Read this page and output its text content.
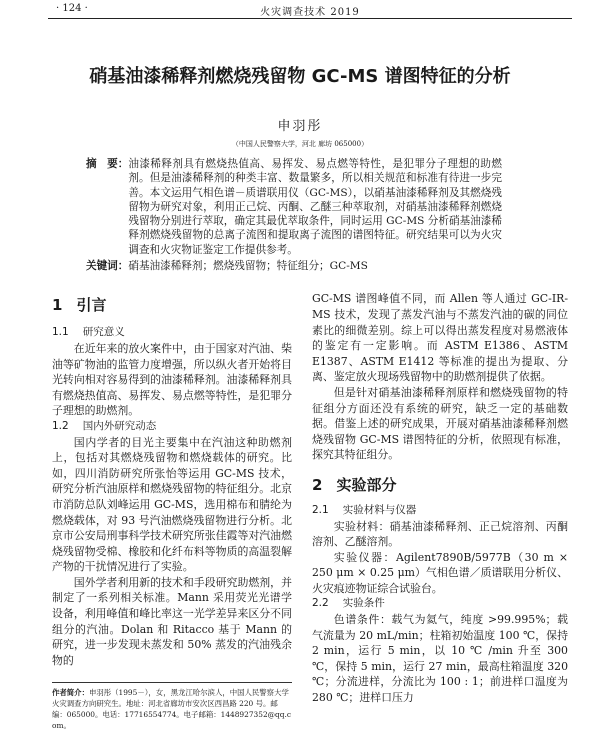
· 124 ·	火灾调查技术 2019
硝基油漆稀释剂燃烧残留物 GC-MS 谱图特征的分析
申羽彤
（中国人民警察大学，河北 廊坊 065000）
摘　要： 油漆稀释剂具有燃烧热值高、易挥发、易点燃等特性，是犯罪分子理想的助燃剂。但是油漆稀释剂的种类丰富、数量繁多，所以相关规范和标准有待进一步完善。本文运用气相色谱－质谱联用仪（GC-MS），以硝基油漆稀释剂及其燃烧残留物为研究对象，利用正己烷、丙酮、乙醚三种萃取剂，对硝基油漆稀释剂燃烧残留物分别进行萃取，确定其最优萃取条件，同时运用 GC-MS 分析硝基油漆稀释剂燃烧残留物的总离子流图和提取离子流图的谱图特征。研究结果可以为火灾调查和火灾物证鉴定工作提供参考。
关键词：硝基油漆稀释剂；燃烧残留物；特征组分；GC-MS
1 引言
1.1 研究意义

在近年来的放火案件中，由于国家对汽油、柴油等矿物油的监管力度增强，所以纵火者开始将目光转向相对容易得到的油漆稀释剂。油漆稀释剂具有燃烧热值高、易挥发、易点燃等特性，是犯罪分子理想的助燃剂。

1.2 国内外研究动态

国内学者的目光主要集中在汽油这种助燃剂上，包括对其燃烧残留物和燃烧载体的研究。比如，四川消防研究所张怡等运用 GC-MS 技术，研究分析汽油原样和燃烧残留物的特征组分。北京市消防总队刘峰运用 GC-MS，选用棉布和腈纶为燃烧载体，对 93 号汽油燃烧残留物进行分析。北京市公安局刑事科学技术研究所张佳霞等对汽油燃烧残留物受棉、橡胶和化纤布料等物质的高温裂解产物的干扰情况进行了实验。

国外学者利用新的技术和手段研究助燃剂，并制定了一系列相关标准。Mann 采用荧光光谱学设备，利用峰值和峰比率这一光学差异来区分不同组分的汽油。Dolan 和 Ritacco 基于 Mann 的研究，进一步发现未蒸发和 50% 蒸发的汽油残余物的

作者简介：申羽彤（1995－），女，黑龙江哈尔滨人，中国人民警察大学火灾调查方向研究生。地址：河北省廊坊市安次区西昌路 220 号。邮编：065000。电话：17716554774。电子邮箱：1448927352@qq.com。

GC-MS 谱图峰值不同，而 Allen 等人通过 GC-IR-MS 技术，发现了蒸发汽油与不蒸发汽油的碳的同位素比的细微差别。综上可以得出蒸发程度对易燃液体的鉴定有一定影响。而 ASTM E1386、ASTM E1387、ASTM E1412 等标准的提出为提取、分离、鉴定放火现场残留物中的助燃剂提供了依据。

但是针对硝基油漆稀释剂原样和燃烧残留物的特征组分方面还没有系统的研究，缺乏一定的基础数据。借鉴上述的研究成果，开展对硝基油漆稀释剂燃烧残留物 GC-MS 谱图特征的分析，依照现有标准，探究其特征组分。

2 实验部分
2.1 实验材料与仪器

实验材料：硝基油漆稀释剂、正己烷溶剂、丙酮溶剂、乙醚溶剂。

实验仪器：Agilent7890B/5977B（30 m × 250 μm × 0.25 μm）气相色谱／质谱联用分析仪、火灾痕迹物证综合试验台。

2.2 实验条件

色谱条件：载气为氦气，纯度 >99.995%；载气流量为 20 mL/min；柱箱初始温度 100 ℃，保持 2 min，运行 5 min，以 10 ℃ /min 升至 300 ℃，保持 5 min，运行 27 min，最高柱箱温度 320 ℃；分流进样，分流比为 100 : 1；前进样口温度为 280 ℃；进样口压力
